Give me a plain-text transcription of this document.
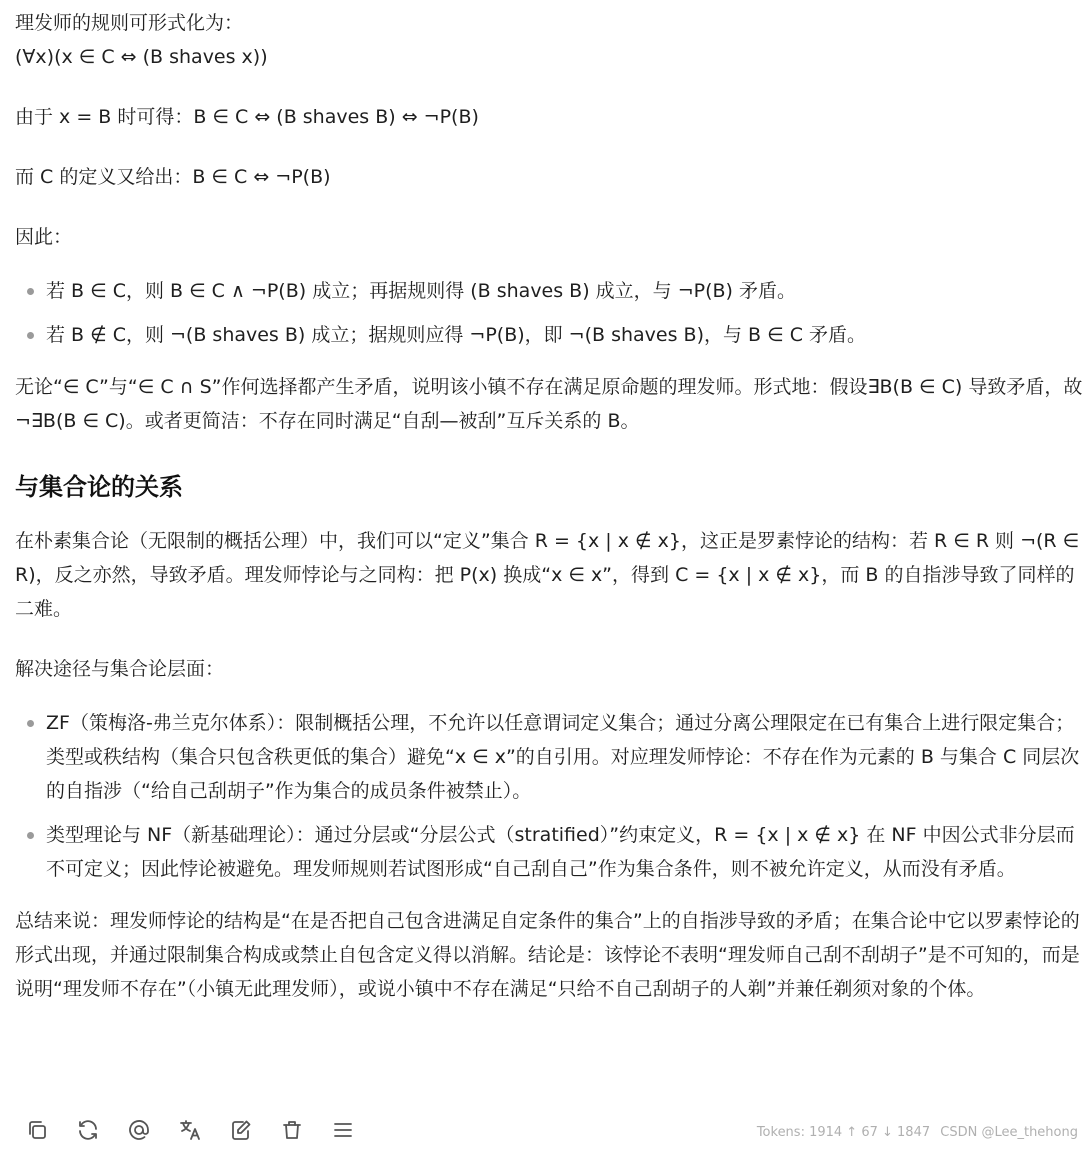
理发师的规则可形式化为：

(∀x)(x ∈ C ⇔ (B shaves x))

由于 x = B 时可得：B ∈ C ⇔ (B shaves B) ⇔ ¬P(B)

而 C 的定义又给出：B ∈ C ⇔ ¬P(B)

因此：

若 B ∈ C，则 B ∈ C ∧ ¬P(B) 成立；再据规则得 (B shaves B) 成立，与 ¬P(B) 矛盾。
若 B ∉ C，则 ¬(B shaves B) 成立；据规则应得 ¬P(B)，即 ¬(B shaves B)，与 B ∈ C 矛盾。

无论“∈ C”与“∈ C ∩ S”作何选择都产生矛盾，说明该小镇不存在满足原命题的理发师。形式地：假设∃B(B ∈ C) 导致矛盾，故¬∃B(B ∈ C)。或者更简洁：不存在同时满足“自刮—被刮”互斥关系的 B。

与集合论的关系

在朴素集合论（无限制的概括公理）中，我们可以“定义”集合 R = {x | x ∉ x}，这正是罗素悖论的结构：若 R ∈ R 则 ¬(R ∈ R)，反之亦然，导致矛盾。理发师悖论与之同构：把 P(x) 换成“x ∈ x”，得到 C = {x | x ∉ x}，而 B 的自指涉导致了同样的二难。

解决途径与集合论层面：

ZF（策梅洛-弗兰克尔体系）：限制概括公理，不允许以任意谓词定义集合；通过分离公理限定在已有集合上进行限定集合；类型或秩结构（集合只包含秩更低的集合）避免“x ∈ x”的自引用。对应理发师悖论：不存在作为元素的 B 与集合 C 同层次的自指涉（“给自己刮胡子”作为集合的成员条件被禁止）。
类型理论与 NF（新基础理论）：通过分层或“分层公式（stratified）”约束定义，R = {x | x ∉ x} 在 NF 中因公式非分层而不可定义；因此悖论被避免。理发师规则若试图形成“自己刮自己”作为集合条件，则不被允许定义，从而没有矛盾。

总结来说：理发师悖论的结构是“在是否把自己包含进满足自定条件的集合”上的自指涉导致的矛盾；在集合论中它以罗素悖论的形式出现，并通过限制集合构成或禁止自包含定义得以消解。结论是：该悖论不表明“理发师自己刮不刮胡子”是不可知的，而是说明“理发师不存在”（小镇无此理发师），或说小镇中不存在满足“只给不自己刮胡子的人剃”并兼任剃须对象的个体。

Tokens: 1914 ↑ 67 ↓ 1847 CSDN @Lee_thehong
